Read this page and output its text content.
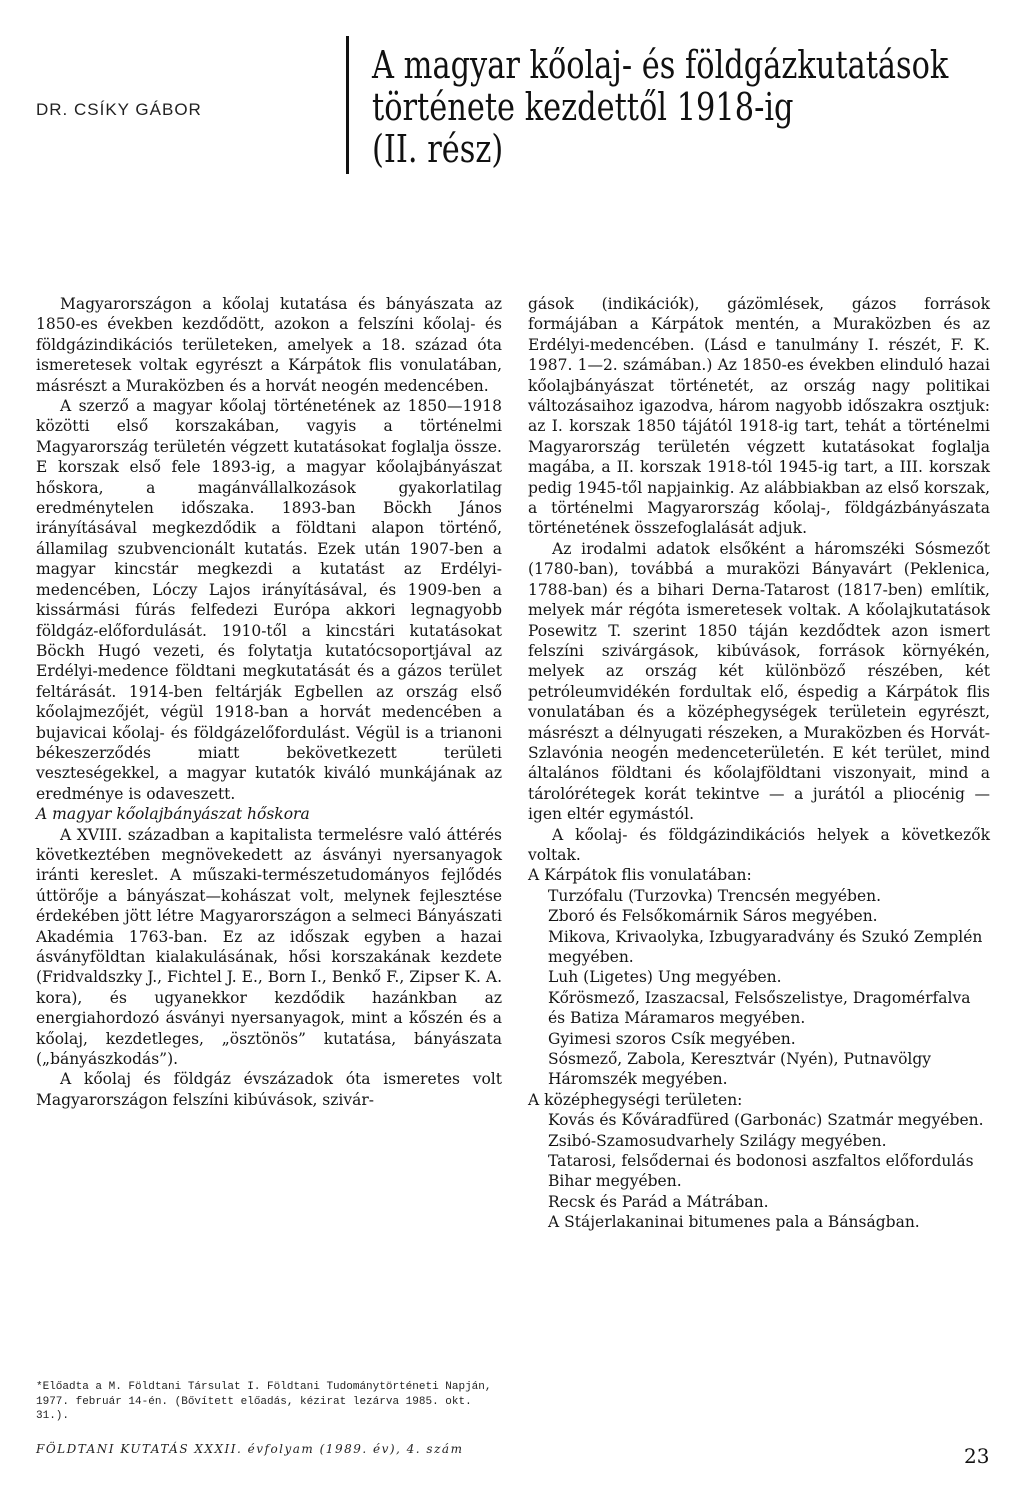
DR. CSÍKY GÁBOR
A magyar kőolaj- és földgázkutatások
története kezdettől 1918-ig
(II. rész)

Magyarországon a kőolaj kutatása és bányászata az 1850-es években kezdődött, azokon a felszíni kőolaj- és földgázindikációs területeken, amelyek a 18. század óta ismeretesek voltak egyrészt a Kárpátok flis vonulatában, másrészt a Muraközben és a horvát neogén medencében.

A szerző a magyar kőolaj történetének az 1850—1918 közötti első korszakában, vagyis a történelmi Magyarország területén végzett kutatásokat foglalja össze. E korszak első fele 1893-ig, a magyar kőolajbányászat hőskora, a magánvállalkozások gyakorlatilag eredménytelen időszaka. 1893-ban Böckh János irányításával megkezdődik a földtani alapon történő, államilag szubvencionált kutatás. Ezek után 1907-ben a magyar kincstár megkezdi a kutatást az Erdélyi-medencében, Lóczy Lajos irányításával, és 1909-ben a kissármási fúrás felfedezi Európa akkori legnagyobb földgáz-előfordulását. 1910-től a kincstári kutatásokat Böckh Hugó vezeti, és folytatja kutatócsoportjával az Erdélyi-medence földtani megkutatását és a gázos terület feltárását. 1914-ben feltárják Egbellen az ország első kőolajmezőjét, végül 1918-ban a horvát medencében a bujavicai kőolaj- és földgázelőfordulást. Végül is a trianoni békeszerződés miatt bekövetkezett területi veszteségekkel, a magyar kutatók kiváló munkájának az eredménye is odaveszett.

A magyar kőolajbányászat hőskora

A XVIII. században a kapitalista termelésre való áttérés következtében megnövekedett az ásványi nyersanyagok iránti kereslet. A műszaki-természetudományos fejlődés úttörője a bányászat—kohászat volt, melynek fejlesztése érdekében jött létre Magyarországon a selmeci Bányászati Akadémia 1763-ban. Ez az időszak egyben a hazai ásványföldtan kialakulásának, hősi korszakának kezdete (Fridvaldszky J., Fichtel J. E., Born I., Benkő F., Zipser K. A. kora), és ugyanekkor kezdődik hazánkban az energiahordozó ásványi nyersanyagok, mint a kőszén és a kőolaj, kezdetleges, „ösztönös” kutatása, bányászata („bányászkodás”).

A kőolaj és földgáz évszázadok óta ismeretes volt Magyarországon felszíni kibúvások, szivár-

gások (indikációk), gázömlések, gázos források formájában a Kárpátok mentén, a Muraközben és az Erdélyi-medencében. (Lásd e tanulmány I. részét, F. K. 1987. 1—2. számában.) Az 1850-es években elinduló hazai kőolajbányászat történetét, az ország nagy politikai változásaihoz igazodva, három nagyobb időszakra osztjuk: az I. korszak 1850 tájától 1918-ig tart, tehát a történelmi Magyarország területén végzett kutatásokat foglalja magába, a II. korszak 1918-tól 1945-ig tart, a III. korszak pedig 1945-től napjainkig. Az alábbiakban az első korszak, a történelmi Magyarország kőolaj-, földgázbányászata történetének összefoglalását adjuk.

Az irodalmi adatok elsőként a háromszéki Sósmezőt (1780-ban), továbbá a muraközi Bányavárt (Peklenica, 1788-ban) és a bihari Derna-Tatarost (1817-ben) említik, melyek már régóta ismeretesek voltak. A kőolajkutatások Posewitz T. szerint 1850 táján kezdődtek azon ismert felszíni szivárgások, kibúvások, források környékén, melyek az ország két különböző részében, két petróleumvidékén fordultak elő, éspedig a Kárpátok flis vonulatában és a középhegységek területein egyrészt, másrészt a délnyugati részeken, a Muraközben és Horvát-Szlavónia neogén medenceterületén. E két terület, mind általános földtani és kőolajföldtani viszonyait, mind a tárolórétegek korát tekintve — a jurától a pliocénig — igen eltér egymástól.

A kőolaj- és földgázindikációs helyek a következők voltak.

A Kárpátok flis vonulatában:

Turzófalu (Turzovka) Trencsén megyében.
Zboró és Felsőkomárnik Sáros megyében.
Mikova, Krivaolyka, Izbugyaradvány és Szukó Zemplén megyében.
Luh (Ligetes) Ung megyében.
Kőrösmező, Izaszacsal, Felsőszelistye, Dragomérfalva és Batiza Máramaros megyében.
Gyimesi szoros Csík megyében.
Sósmező, Zabola, Keresztvár (Nyén), Putnavölgy Háromszék megyében.

A középhegységi területen:

Kovás és Kőváradfüred (Garbonác) Szatmár megyében.
Zsibó-Szamosudvarhely Szilágy megyében.
Tatarosi, felsődernai és bodonosi aszfaltos előfordulás Bihar megyében.
Recsk és Parád a Mátrában.
A Stájerlakaninai bitumenes pala a Bánságban.
*Előadta a M. Földtani Társulat I. Földtani Tudománytörténeti Napján, 1977. február 14-én. (Bővített előadás, kézirat lezárva 1985. okt. 31.).
FÖLDTANI KUTATÁS XXXII. évfolyam (1989. év), 4. szám	23
